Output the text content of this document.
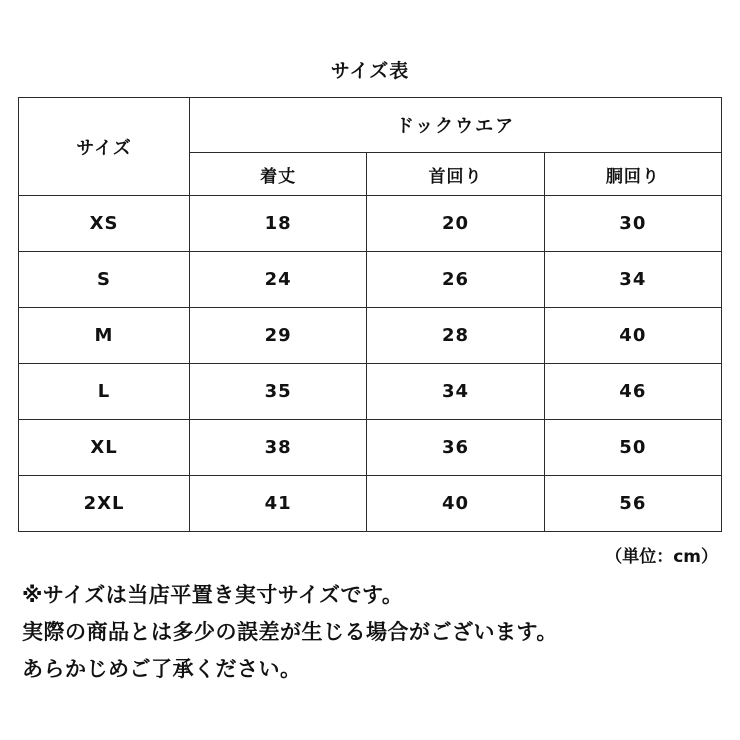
サイズ表
サイズ	ドックウエア		
	着丈	首回り	胴回り
XS	18	20	30
S	24	26	34
M	29	28	40
L	35	34	46
XL	38	36	50
2XL	41	40	56
（単位：cm）

※サイズは当店平置き実寸サイズです。

実際の商品とは多少の誤差が生じる場合がございます。

あらかじめご了承ください。
